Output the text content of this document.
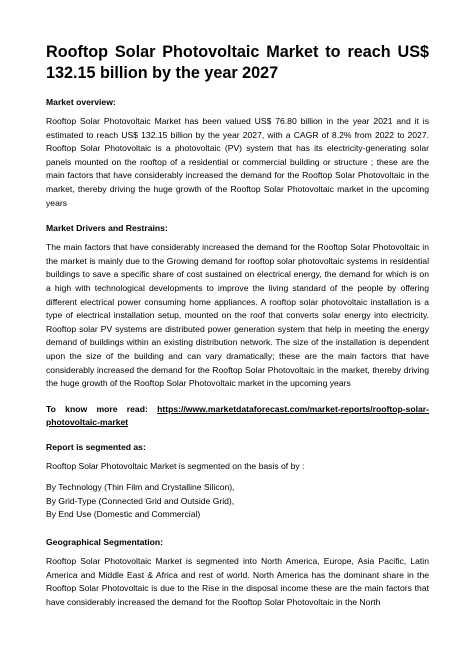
Rooftop Solar Photovoltaic Market to reach US$ 132.15 billion by the year 2027
Market overview:

Rooftop Solar Photovoltaic Market has been valued US$ 76.80 billion in the year 2021 and it is estimated to reach US$ 132.15 billion by the year 2027, with a CAGR of 8.2% from 2022 to 2027. Rooftop Solar Photovoltaic is a photovoltaic (PV) system that has its electricity-generating solar panels mounted on the rooftop of a residential or commercial building or structure ; these are the main factors that have considerably increased the demand for the Rooftop Solar Photovoltaic in the market, thereby driving the huge growth of the Rooftop Solar Photovoltaic market in the upcoming years

Market Drivers and Restrains:

The main factors that have considerably increased the demand for the Rooftop Solar Photovoltaic in the market is mainly due to the Growing demand for rooftop solar photovoltaic systems in residential buildings to save a specific share of cost sustained on electrical energy, the demand for which is on a high with technological developments to improve the living standard of the people by offering different electrical power consuming home appliances. A rooftop solar photovoltaic installation is a type of electrical installation setup, mounted on the roof that converts solar energy into electricity. Rooftop solar PV systems are distributed power generation system that help in meeting the energy demand of buildings within an existing distribution network. The size of the installation is dependent upon the size of the building and can vary dramatically; these are the main factors that have considerably increased the demand for the Rooftop Solar Photovoltaic in the market, thereby driving the huge growth of the Rooftop Solar Photovoltaic market in the upcoming years

To know more read: https://www.marketdataforecast.com/market-reports/rooftop-solar-photovoltaic-market
Report is segmented as:

Rooftop Solar Photovoltaic Market is segmented on the basis of by :

By Technology (Thin Film and Crystalline Silicon),
By Grid-Type (Connected Grid and Outside Grid),
By End Use (Domestic and Commercial)
Geographical Segmentation:

Rooftop Solar Photovoltaic Market is segmented into North America, Europe, Asia Pacific, Latin America and Middle East & Africa and rest of world. North America has the dominant share in the Rooftop Solar Photovoltaic is due to the Rise in the disposal income these are the main factors that have considerably increased the demand for the Rooftop Solar Photovoltaic in the North
